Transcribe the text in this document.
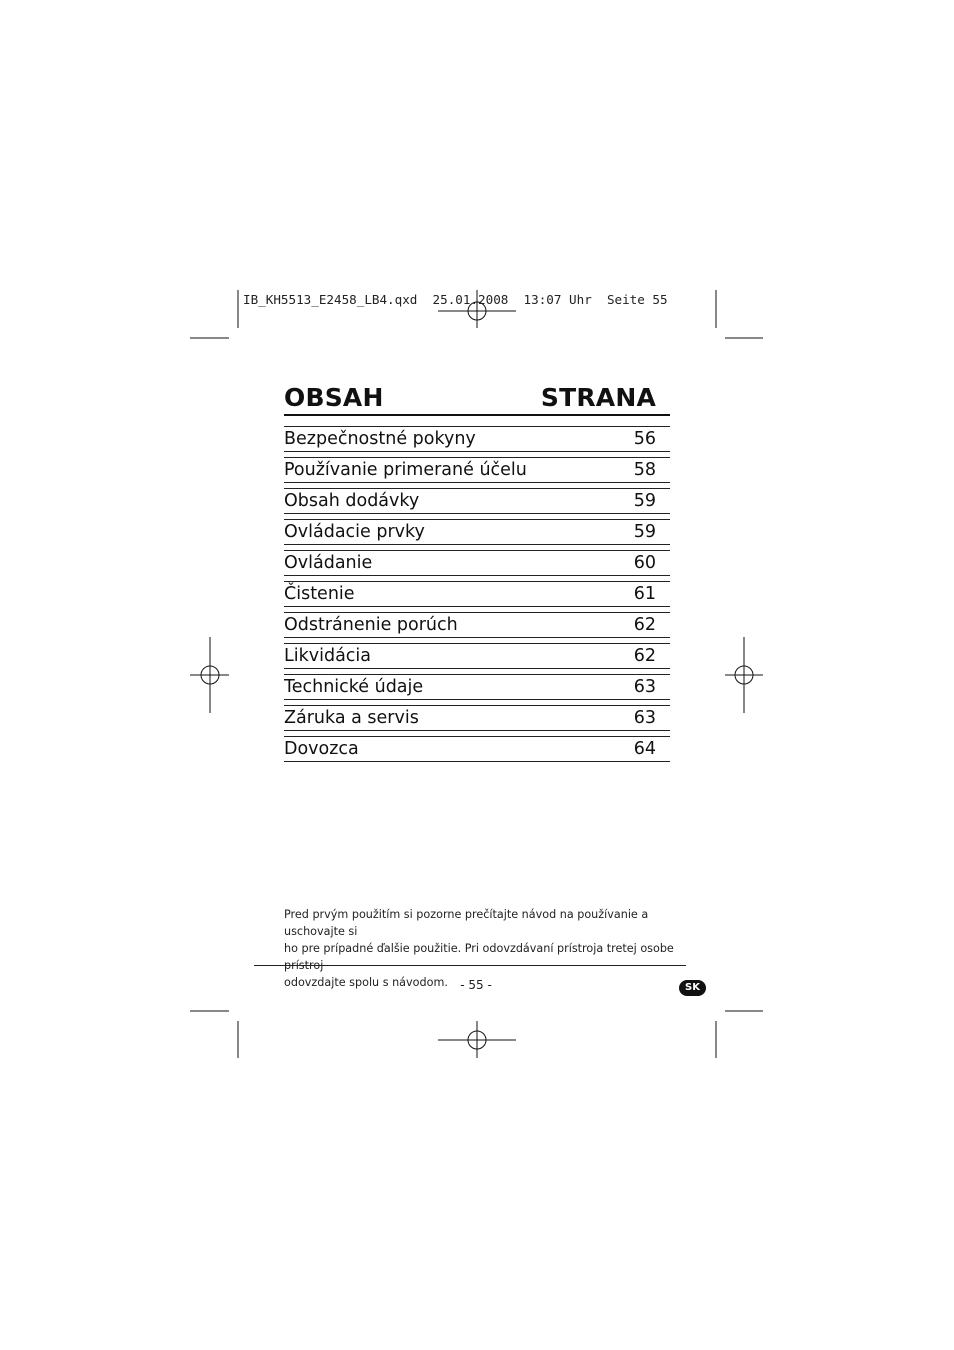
IB_KH5513_E2458_LB4.qxd  25.01.2008  13:07 Uhr  Seite 55
OBSAH	STRANA
Bezpečnostné pokyny	56
Používanie primerané účelu	58
Obsah dodávky	59
Ovládacie prvky	59
Ovládanie	60
Čistenie	61
Odstránenie porúch	62
Likvidácia	62
Technické údaje	63
Záruka a servis	63
Dovozca	64
Pred prvým použitím si pozorne prečítajte návod na používanie a uschovajte si
ho pre prípadné ďalšie použitie. Pri odovzdávaní prístroja tretej osobe prístroj
odovzdajte spolu s návodom.	- 55 -	SK
